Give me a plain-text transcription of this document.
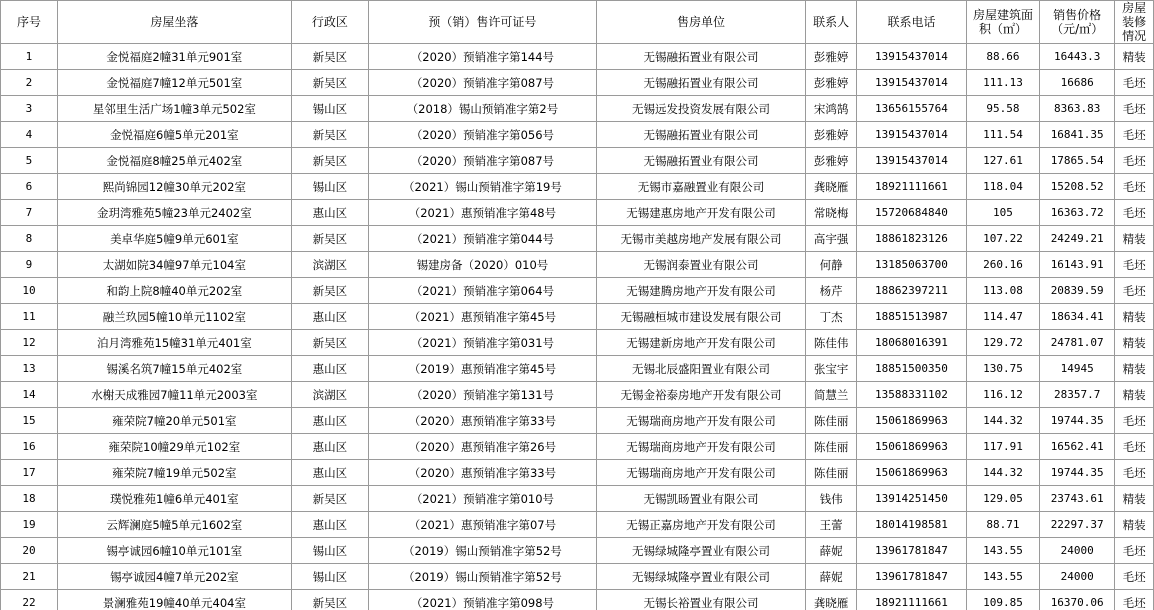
序号	房屋坐落	行政区	预（销）售许可证号	售房单位	联系人	联系电话	房屋建筑面积（㎡）	销售价格（元/㎡）	房屋装修情况
1	金悦福庭2幢31单元901室	新吴区	（2020）预销准字第144号	无锡融拓置业有限公司	彭雅婷	13915437014	88.66	16443.3	精装
2	金悦福庭7幢12单元501室	新吴区	（2020）预销准字第087号	无锡融拓置业有限公司	彭雅婷	13915437014	111.13	16686	毛坯
3	星邻里生活广场1幢3单元502室	锡山区	（2018）锡山预销准字第2号	无锡远发投资发展有限公司	宋鸿鹄	13656155764	95.58	8363.83	毛坯
4	金悦福庭6幢5单元201室	新吴区	（2020）预销准字第056号	无锡融拓置业有限公司	彭雅婷	13915437014	111.54	16841.35	毛坯
5	金悦福庭8幢25单元402室	新吴区	（2020）预销准字第087号	无锡融拓置业有限公司	彭雅婷	13915437014	127.61	17865.54	毛坯
6	熙尚锦园12幢30单元202室	锡山区	（2021）锡山预销准字第19号	无锡市嘉融置业有限公司	龚晓雁	18921111661	118.04	15208.52	毛坯
7	金玥湾雅苑5幢23单元2402室	惠山区	（2021）惠预销准字第48号	无锡建惠房地产开发有限公司	常晓梅	15720684840	105	16363.72	毛坯
8	美卓华庭5幢9单元601室	新吴区	（2021）预销准字第044号	无锡市美越房地产发展有限公司	高宇强	18861823126	107.22	24249.21	精装
9	太湖如院34幢97单元104室	滨湖区	锡建房备（2020）010号	无锡润泰置业有限公司	何静	13185063700	260.16	16143.91	毛坯
10	和韵上院8幢40单元202室	新吴区	（2021）预销准字第064号	无锡建腾房地产开发有限公司	杨芹	18862397211	113.08	20839.59	毛坯
11	融兰玖园5幢10单元1102室	惠山区	（2021）惠预销准字第45号	无锡融桓城市建设发展有限公司	丁杰	18851513987	114.47	18634.41	精装
12	泊月湾雅苑15幢31单元401室	新吴区	（2021）预销准字第031号	无锡建新房地产开发有限公司	陈佳伟	18068016391	129.72	24781.07	精装
13	锡溪名筑7幢15单元402室	惠山区	（2019）惠预销准字第45号	无锡北辰盛阳置业有限公司	张宝宇	18851500350	130.75	14945	精装
14	水榭天成雅园7幢11单元2003室	滨湖区	（2020）预销准字第131号	无锡金裕泰房地产开发有限公司	简慧兰	13588331102	116.12	28357.7	精装
15	雍荣院7幢20单元501室	惠山区	（2020）惠预销准字第33号	无锡瑞商房地产开发有限公司	陈佳丽	15061869963	144.32	19744.35	毛坯
16	雍荣院10幢29单元102室	惠山区	（2020）惠预销准字第26号	无锡瑞商房地产开发有限公司	陈佳丽	15061869963	117.91	16562.41	毛坯
17	雍荣院7幢19单元502室	惠山区	（2020）惠预销准字第33号	无锡瑞商房地产开发有限公司	陈佳丽	15061869963	144.32	19744.35	毛坯
18	璞悦雅苑1幢6单元401室	新吴区	（2021）预销准字第010号	无锡凯旸置业有限公司	钱伟	13914251450	129.05	23743.61	精装
19	云辉澜庭5幢5单元1602室	惠山区	（2021）惠预销准字第07号	无锡正嘉房地产开发有限公司	王蕾	18014198581	88.71	22297.37	精装
20	锡亭诚园6幢10单元101室	锡山区	（2019）锡山预销准字第52号	无锡绿城隆亭置业有限公司	薛妮	13961781847	143.55	24000	毛坯
21	锡亭诚园4幢7单元202室	锡山区	（2019）锡山预销准字第52号	无锡绿城隆亭置业有限公司	薛妮	13961781847	143.55	24000	毛坯
22	景澜雅苑19幢40单元404室	新吴区	（2021）预销准字第098号	无锡长裕置业有限公司	龚晓雁	18921111661	109.85	16370.06	毛坯
